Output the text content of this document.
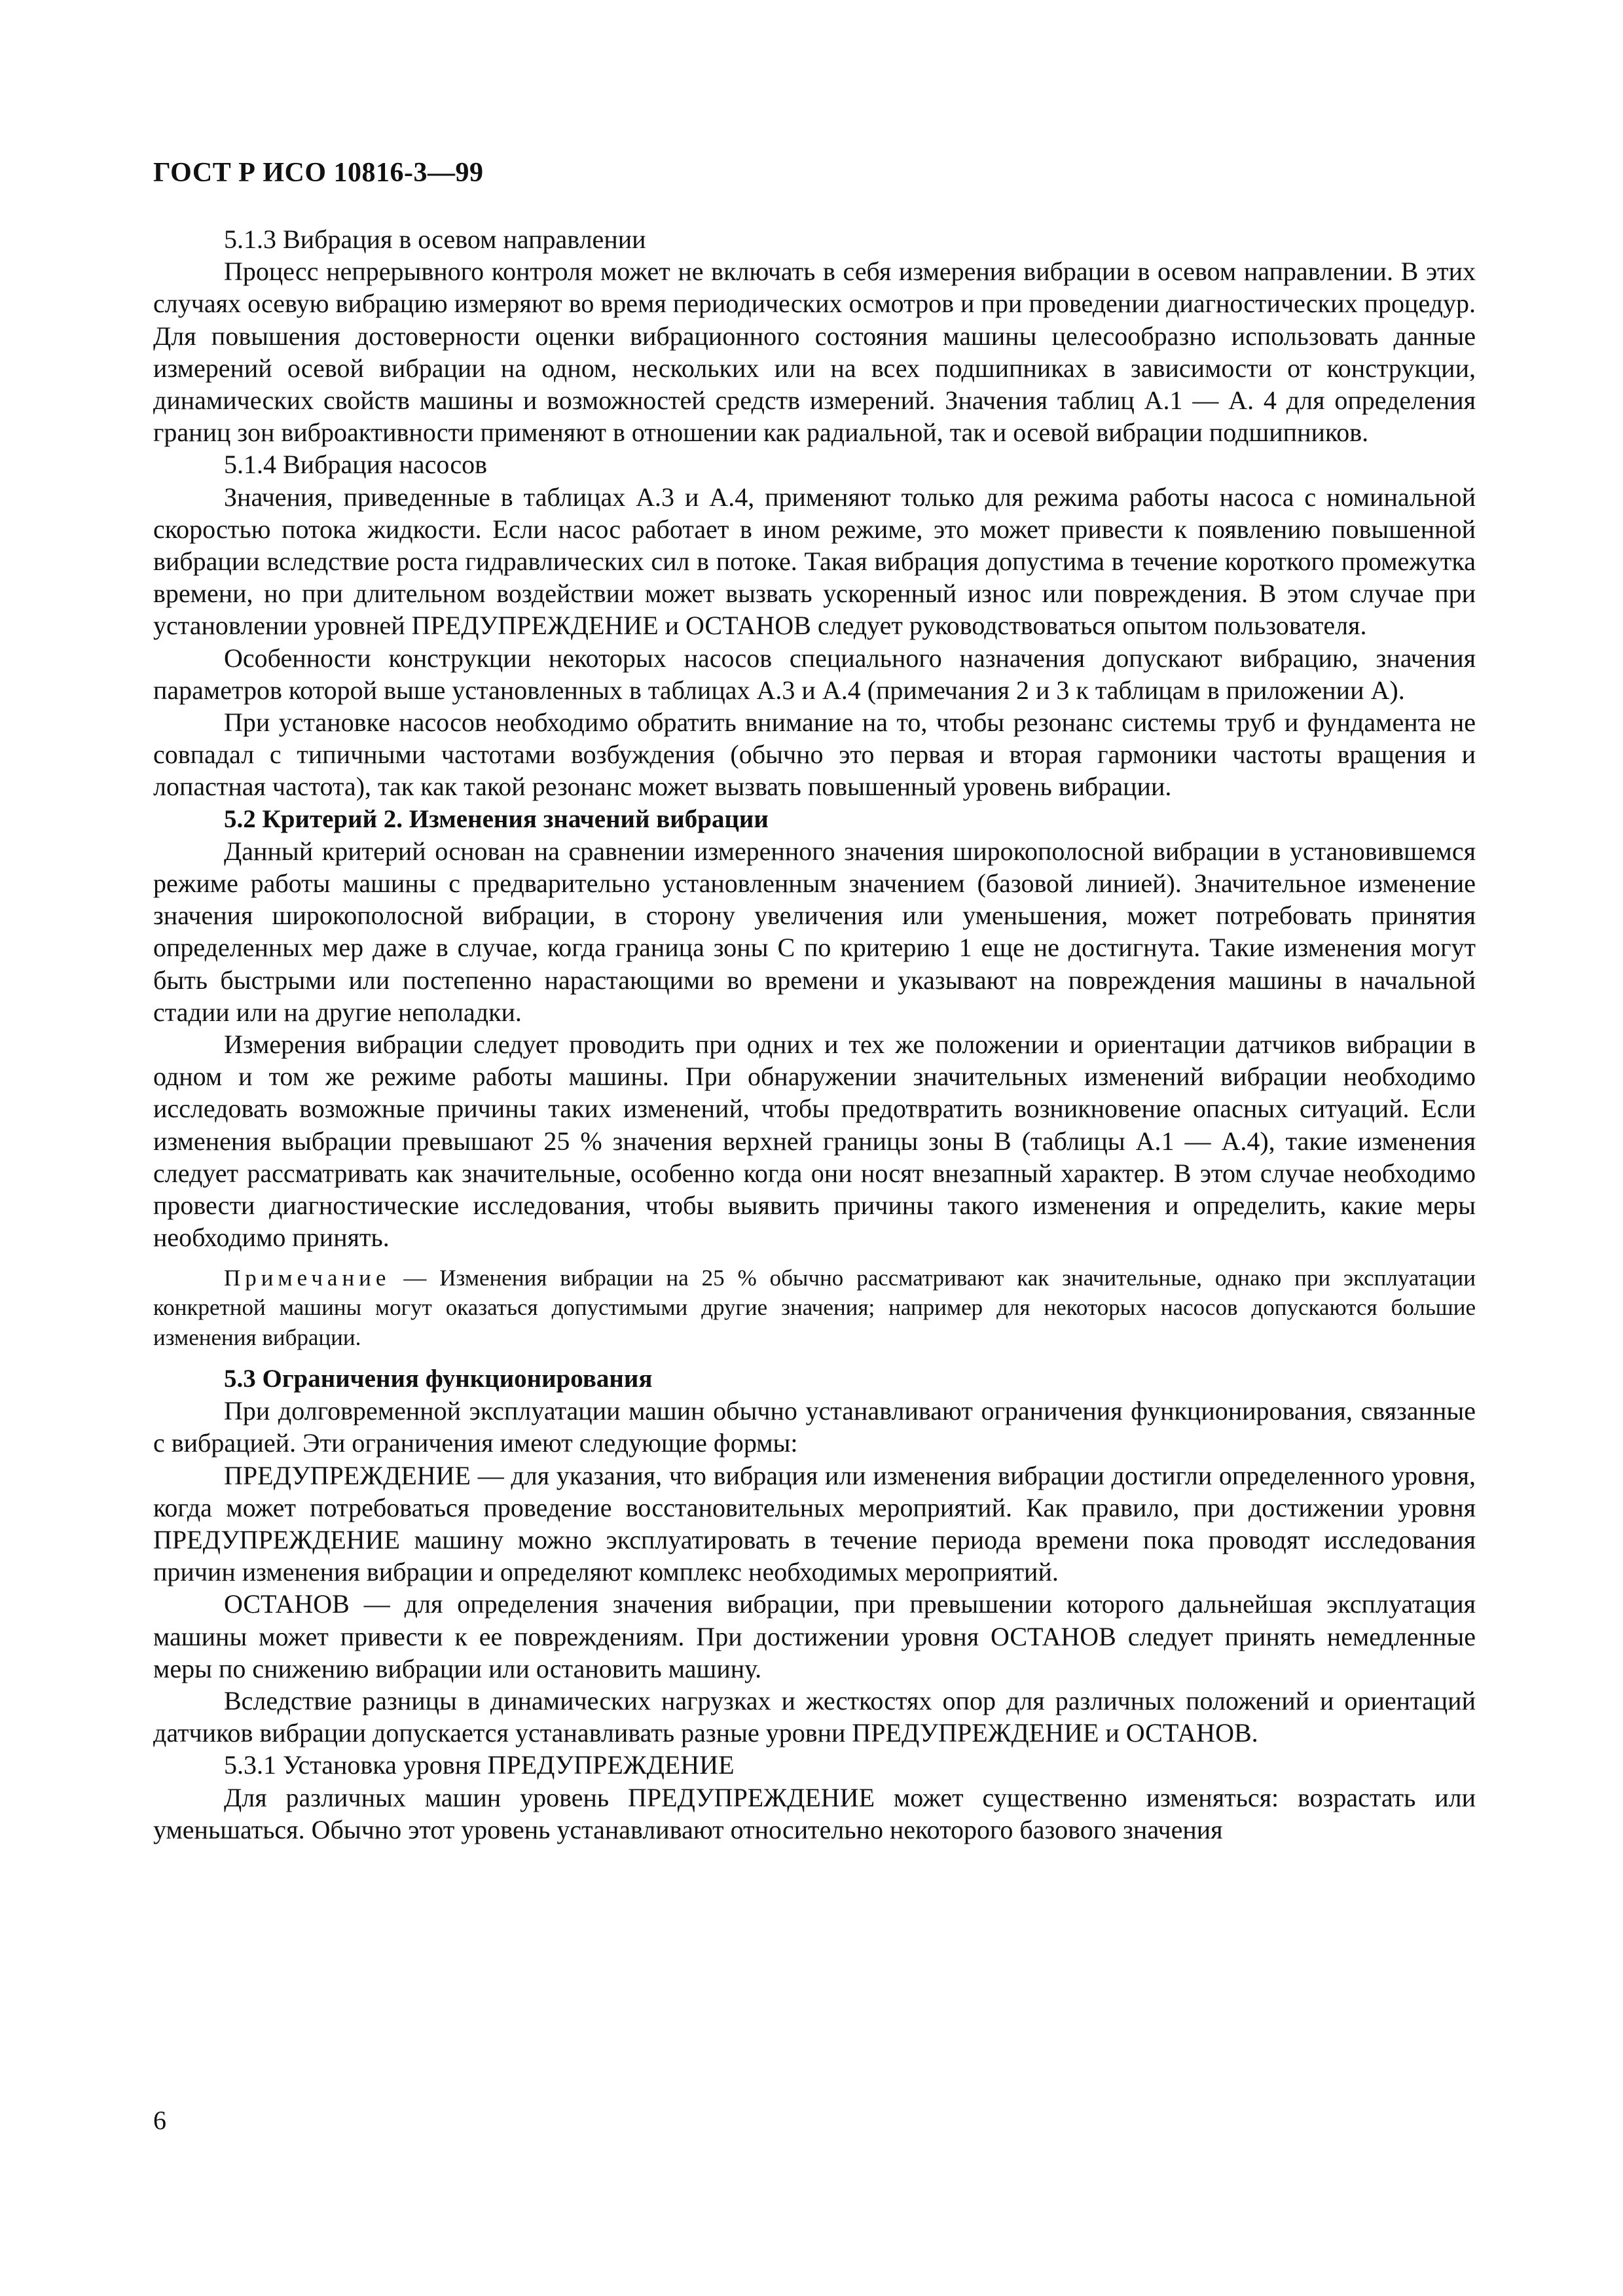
ГОСТ Р ИСО 10816-3—99

5.1.3 Вибрация в осевом направлении

Процесс непрерывного контроля может не включать в себя измерения вибрации в осевом направлении. В этих случаях осевую вибрацию измеряют во время периодических осмотров и при проведении диагностических процедур. Для повышения достоверности оценки вибрационного состояния машины целесообразно использовать данные измерений осевой вибрации на одном, нескольких или на всех подшипниках в зависимости от конструкции, динамических свойств машины и возможностей средств измерений. Значения таблиц А.1 — А. 4 для определения границ зон виброактивности применяют в отношении как радиальной, так и осевой вибрации подшипников.

5.1.4 Вибрация насосов

Значения, приведенные в таблицах А.3 и А.4, применяют только для режима работы насоса с номинальной скоростью потока жидкости. Если насос работает в ином режиме, это может привести к появлению повышенной вибрации вследствие роста гидравлических сил в потоке. Такая вибрация допустима в течение короткого промежутка времени, но при длительном воздействии может вызвать ускоренный износ или повреждения. В этом случае при установлении уровней ПРЕДУПРЕЖДЕНИЕ и ОСТАНОВ следует руководствоваться опытом пользователя.

Особенности конструкции некоторых насосов специального назначения допускают вибрацию, значения параметров которой выше установленных в таблицах А.3 и А.4 (примечания 2 и 3 к таблицам в приложении А).

При установке насосов необходимо обратить внимание на то, чтобы резонанс системы труб и фундамента не совпадал с типичными частотами возбуждения (обычно это первая и вторая гармоники частоты вращения и лопастная частота), так как такой резонанс может вызвать повышенный уровень вибрации.

5.2 Критерий 2. Изменения значений вибрации

Данный критерий основан на сравнении измеренного значения широкополосной вибрации в установившемся режиме работы машины с предварительно установленным значением (базовой линией). Значительное изменение значения широкополосной вибрации, в сторону увеличения или уменьшения, может потребовать принятия определенных мер даже в случае, когда граница зоны С по критерию 1 еще не достигнута. Такие изменения могут быть быстрыми или постепенно нарастающими во времени и указывают на повреждения машины в начальной стадии или на другие неполадки.

Измерения вибрации следует проводить при одних и тех же положении и ориентации датчиков вибрации в одном и том же режиме работы машины. При обнаружении значительных изменений вибрации необходимо исследовать возможные причины таких изменений, чтобы предотвратить возникновение опасных ситуаций. Если изменения выбрации превышают 25 % значения верхней границы зоны В (таблицы А.1 — А.4), такие изменения следует рассматривать как значительные, особенно когда они носят внезапный характер. В этом случае необходимо провести диагностические исследования, чтобы выявить причины такого изменения и определить, какие меры необходимо принять.

Примечание — Изменения вибрации на 25 % обычно рассматривают как значительные, однако при эксплуатации конкретной машины могут оказаться допустимыми другие значения; например для некоторых насосов допускаются большие изменения вибрации.

5.3 Ограничения функционирования

При долговременной эксплуатации машин обычно устанавливают ограничения функционирования, связанные с вибрацией. Эти ограничения имеют следующие формы:

ПРЕДУПРЕЖДЕНИЕ — для указания, что вибрация или изменения вибрации достигли определенного уровня, когда может потребоваться проведение восстановительных мероприятий. Как правило, при достижении уровня ПРЕДУПРЕЖДЕНИЕ машину можно эксплуатировать в течение периода времени пока проводят исследования причин изменения вибрации и определяют комплекс необходимых мероприятий.

ОСТАНОВ — для определения значения вибрации, при превышении которого дальнейшая эксплуатация машины может привести к ее повреждениям. При достижении уровня ОСТАНОВ следует принять немедленные меры по снижению вибрации или остановить машину.

Вследствие разницы в динамических нагрузках и жесткостях опор для различных положений и ориентаций датчиков вибрации допускается устанавливать разные уровни ПРЕДУПРЕЖДЕНИЕ и ОСТАНОВ.

5.3.1 Установка уровня ПРЕДУПРЕЖДЕНИЕ

Для различных машин уровень ПРЕДУПРЕЖДЕНИЕ может существенно изменяться: возрастать или уменьшаться. Обычно этот уровень устанавливают относительно некоторого базового значения

6
